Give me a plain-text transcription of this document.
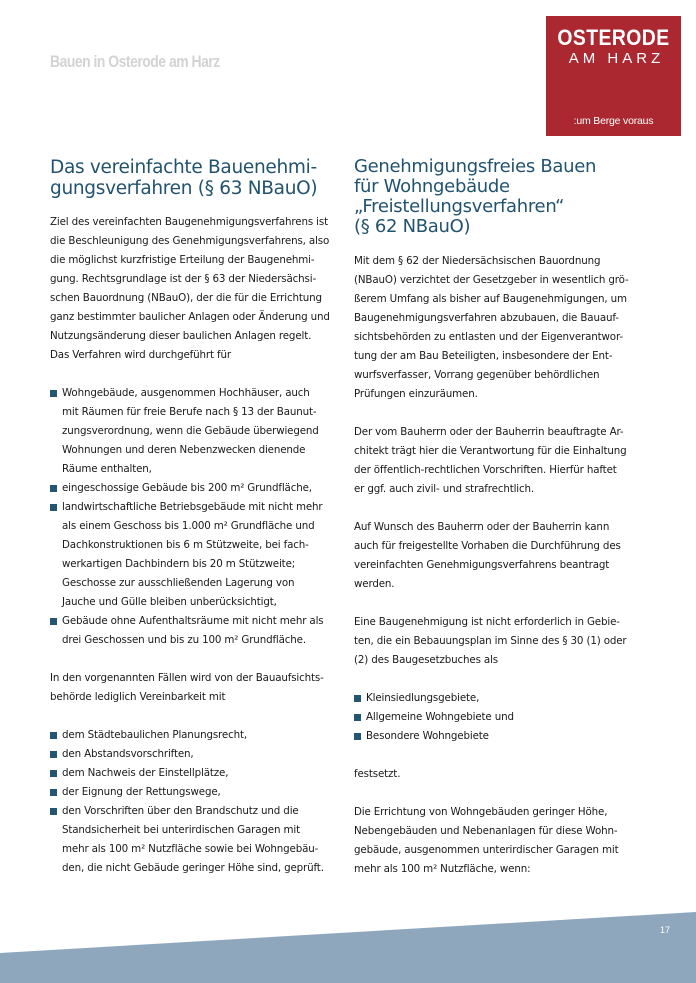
Bauen in Osterode am Harz
OSTERODE
AM HARZ
:um Berge voraus
Das vereinfachte Bauenehmi-
gungsverfahren (§ 63 NBauO)

Ziel des vereinfachten Baugenehmigungsverfahrens ist
die Beschleunigung des Genehmigungsverfahrens, also
die möglichst kurzfristige Erteilung der Baugenehmi-
gung. Rechtsgrundlage ist der § 63 der Niedersächsi-
schen Bauordnung (NBauO), der die für die Errichtung
ganz bestimmter baulicher Anlagen oder Änderung und
Nutzungsänderung dieser baulichen Anlagen regelt.
Das Verfahren wird durchgeführt für

Wohngebäude, ausgenommen Hochhäuser, auch
mit Räumen für freie Berufe nach § 13 der Baunut-
zungsverordnung, wenn die Gebäude überwiegend
Wohnungen und deren Nebenzwecken dienende
Räume enthalten,
eingeschossige Gebäude bis 200 m² Grundfläche,
landwirtschaftliche Betriebsgebäude mit nicht mehr
als einem Geschoss bis 1.000 m² Grundfläche und
Dachkonstruktionen bis 6 m Stützweite, bei fach-
werkartigen Dachbindern bis 20 m Stützweite;
Geschosse zur ausschließenden Lagerung von
Jauche und Gülle bleiben unberücksichtigt,
Gebäude ohne Aufenthaltsräume mit nicht mehr als
drei Geschossen und bis zu 100 m² Grundfläche.

In den vorgenannten Fällen wird von der Bauaufsichts-
behörde lediglich Vereinbarkeit mit

dem Städtebaulichen Planungsrecht,
den Abstandsvorschriften,
dem Nachweis der Einstellplätze,
der Eignung der Rettungswege,
den Vorschriften über den Brandschutz und die
Standsicherheit bei unterirdischen Garagen mit
mehr als 100 m² Nutzfläche sowie bei Wohngebäu-
den, die nicht Gebäude geringer Höhe sind, geprüft.
Genehmigungsfreies Bauen
für Wohngebäude
„Freistellungsverfahren“
(§ 62 NBauO)

Mit dem § 62 der Niedersächsischen Bauordnung
(NBauO) verzichtet der Gesetzgeber in wesentlich grö-
ßerem Umfang als bisher auf Baugenehmigungen, um
Baugenehmigungsverfahren abzubauen, die Bauauf-
sichtsbehörden zu entlasten und der Eigenverantwor-
tung der am Bau Beteiligten, insbesondere der Ent-
wurfsverfasser, Vorrang gegenüber behördlichen
Prüfungen einzuräumen.

Der vom Bauherrn oder der Bauherrin beauftragte Ar-
chitekt trägt hier die Verantwortung für die Einhaltung
der öffentlich-rechtlichen Vorschriften. Hierfür haftet
er ggf. auch zivil- und strafrechtlich.

Auf Wunsch des Bauherrn oder der Bauherrin kann
auch für freigestellte Vorhaben die Durchführung des
vereinfachten Genehmigungsverfahrens beantragt
werden.

Eine Baugenehmigung ist nicht erforderlich in Gebie-
ten, die ein Bebauungsplan im Sinne des § 30 (1) oder
(2) des Baugesetzbuches als

Kleinsiedlungsgebiete,
Allgemeine Wohngebiete und
Besondere Wohngebiete

festsetzt.

Die Errichtung von Wohngebäuden geringer Höhe,
Nebengebäuden und Nebenanlagen für diese Wohn-
gebäude, ausgenommen unterirdischer Garagen mit
mehr als 100 m² Nutzfläche, wenn:

17
